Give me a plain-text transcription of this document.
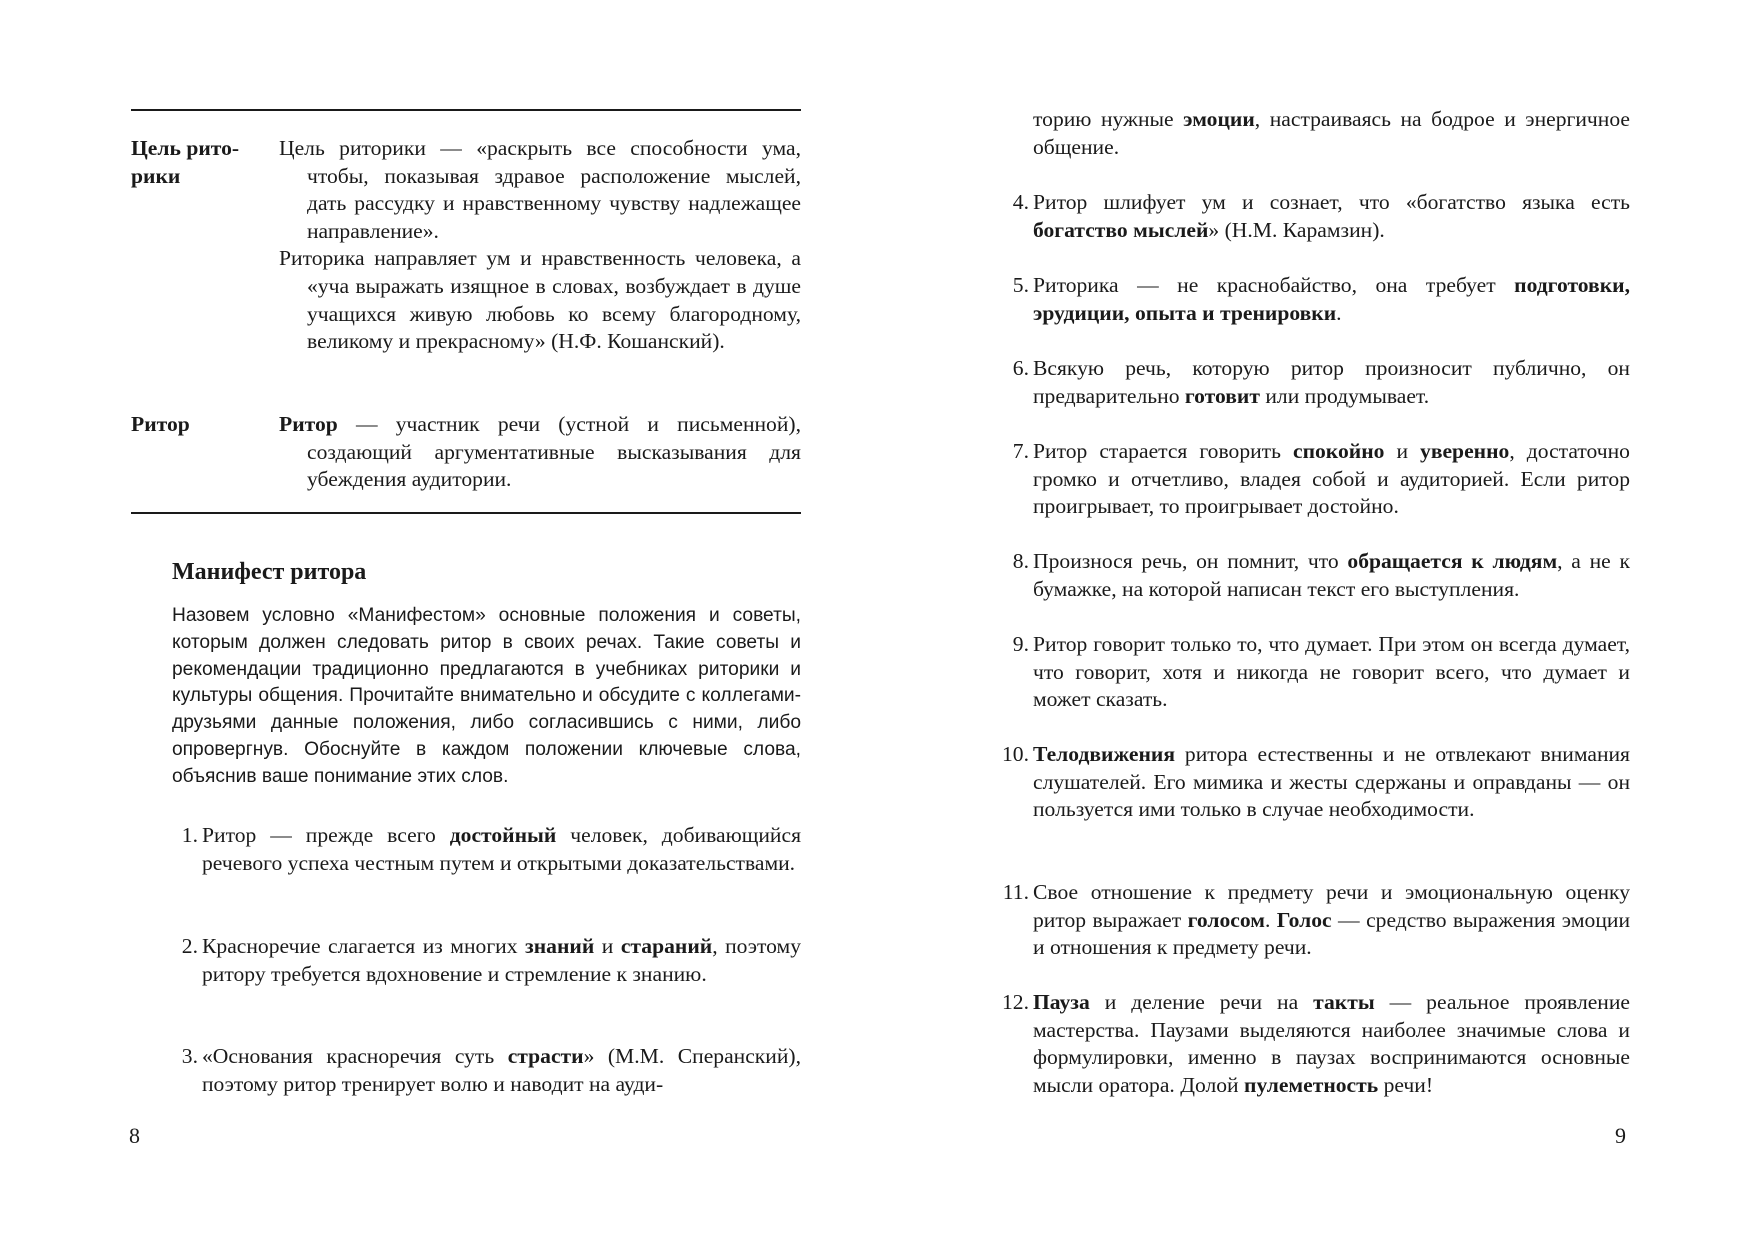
Цель рито- рики

Цель риторики — «раскрыть все способности ума, чтобы, показывая здравое расположение мыслей, дать рассудку и нравственному чувству надлежащее направление».

Риторика направляет ум и нравственность человека, а «уча выражать изящное в словах, возбуждает в душе учащихся живую любовь ко всему благородному, великому и прекрасному» (Н.Ф. Кошанский).

Ритор	Ритор — участник речи (устной и письменной), создающий аргументативные высказывания для убеждения аудитории.

Манифест ритора

Назовем условно «Манифестом» основные положения и советы, которым должен следовать ритор в своих речах. Такие советы и рекомендации традиционно предлагаются в учебниках риторики и культуры общения. Прочитайте внимательно и обсудите с коллегами-друзьями данные положения, либо согласившись с ними, либо опровергнув. Обоснуйте в каждом положении ключевые слова, объяснив ваше понимание этих слов.

1. Ритор — прежде всего достойный человек, добивающийся речевого успеха честным путем и открытыми доказательствами.
2. Красноречие слагается из многих знаний и стараний, поэтому ритору требуется вдохновение и стремление к знанию.
3. «Основания красноречия суть страсти» (М.М. Сперанский), поэтому ритор тренирует волю и наводит на ауди-
8
торию нужные эмоции, настраиваясь на бодрое и энергичное общение.
4. Ритор шлифует ум и сознает, что «богатство языка есть богатство мыслей» (Н.М. Карамзин).
5. Риторика — не краснобайство, она требует подготовки, эрудиции, опыта и тренировки.
6. Всякую речь, которую ритор произносит публично, он предварительно готовит или продумывает.
7. Ритор старается говорить спокойно и уверенно, достаточно громко и отчетливо, владея собой и аудиторией. Если ритор проигрывает, то проигрывает достойно.
8. Произнося речь, он помнит, что обращается к людям, а не к бумажке, на которой написан текст его выступления.
9. Ритор говорит только то, что думает. При этом он всегда думает, что говорит, хотя и никогда не говорит всего, что думает и может сказать.
10. Телодвижения ритора естественны и не отвлекают внимания слушателей. Его мимика и жесты сдержаны и оправданы — он пользуется ими только в случае необходимости.
11. Свое отношение к предмету речи и эмоциональную оценку ритор выражает голосом. Голос — средство выражения эмоции и отношения к предмету речи.
12. Пауза и деление речи на такты — реальное проявление мастерства. Паузами выделяются наиболее значимые слова и формулировки, именно в паузах воспринимаются основные мысли оратора. Долой пулеметность речи!
9
